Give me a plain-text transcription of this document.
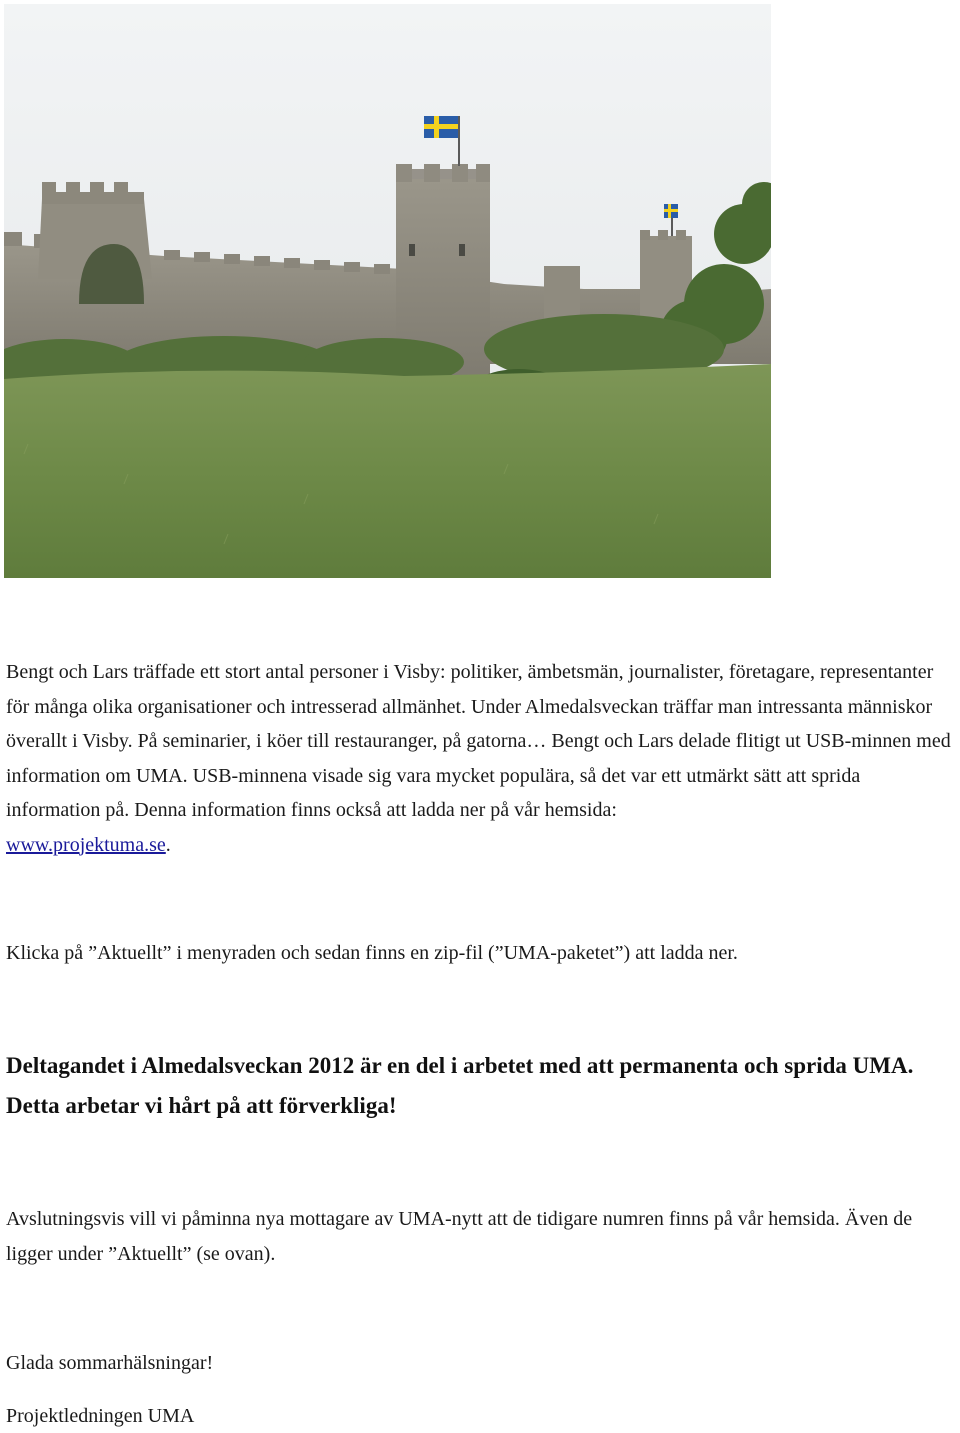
Bengt och Lars träffade ett stort antal personer i Visby: politiker, ämbetsmän, journalister, företagare, representanter för många olika organisationer och intresserad allmänhet. Under Almedalsveckan träffar man intressanta människor överallt i Visby. På seminarier, i köer till restauranger, på gatorna… Bengt och Lars delade flitigt ut USB-minnen med information om UMA. USB-minnena visade sig vara mycket populära, så det var ett utmärkt sätt att sprida information på. Denna information finns också att ladda ner på vår hemsida:
www.projektuma.se.

Klicka på ”Aktuellt” i menyraden och sedan finns en zip-fil (”UMA-paketet”) att ladda ner.

Deltagandet i Almedalsveckan 2012 är en del i arbetet med att permanenta och sprida UMA. Detta arbetar vi hårt på att förverkliga!

Avslutningsvis vill vi påminna nya mottagare av UMA-nytt att de tidigare numren finns på vår hemsida. Även de ligger under ”Aktuellt” (se ovan).

Glada sommarhälsningar!

Projektledningen UMA
